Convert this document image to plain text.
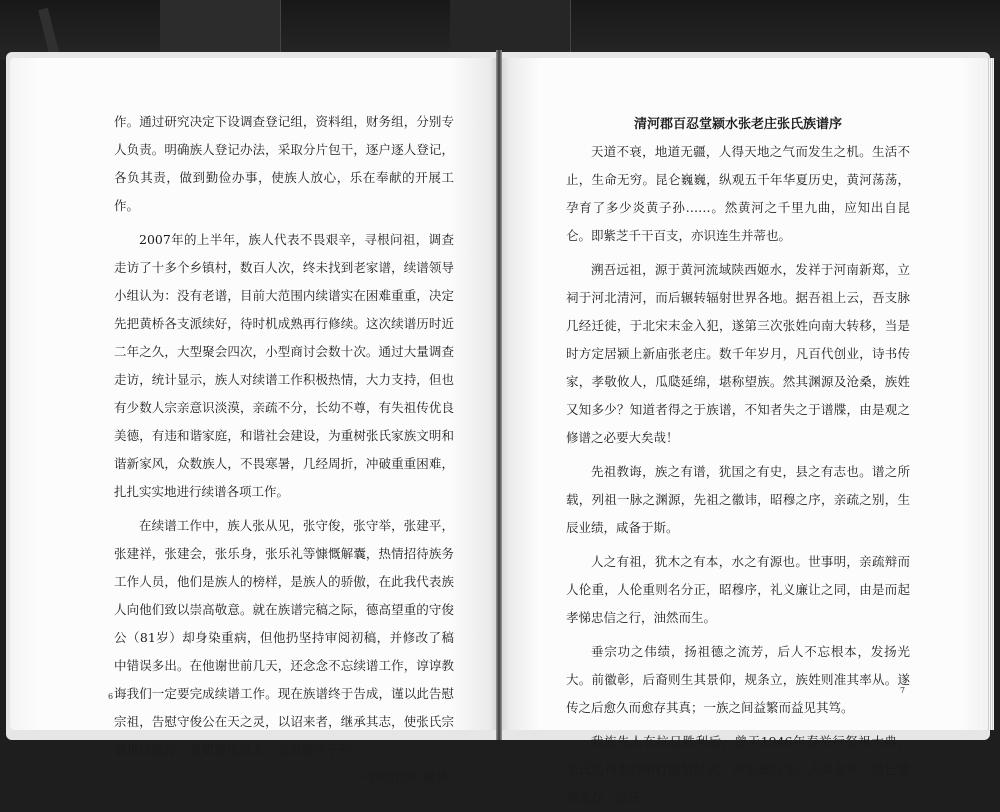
作。通过研究决定下设调查登记组，资料组，财务组，分别专人负责。明确族人登记办法，采取分片包干，逐户逐人登记，各负其责，做到勤俭办事，使族人放心，乐在奉献的开展工作。

2007年的上半年，族人代表不畏艰辛，寻根问祖，调查走访了十多个乡镇村，数百人次，终未找到老家谱，续谱领导小组认为：没有老谱，目前大范围内续谱实在困难重重，决定先把黄桥各支派续好，待时机成熟再行修续。这次续谱历时近二年之久，大型聚会四次，小型商讨会数十次。通过大量调查走访，统计显示，族人对续谱工作积极热情，大力支持，但也有少数人宗亲意识淡漠，亲疏不分，长幼不尊，有失祖传优良美德，有违和谐家庭，和谐社会建设，为重树张氏家族文明和谐新家风，众数族人，不畏寒暑，几经周折，冲破重重困难，扎扎实实地进行续谱各项工作。

在续谱工作中，族人张从见，张守俊，张守举，张建平，张建祥，张建会，张乐身，张乐礼等慷慨解囊，热情招待族务工作人员，他们是族人的榜样，是族人的骄傲，在此我代表族人向他们致以崇高敬意。就在族谱完稿之际，德高望重的守俊公（81岁）却身染重病，但他扔坚持审阅初稿，并修改了稿中错误多出。在他谢世前几天，还念念不忘续谱工作，谆谆教诲我们一定要完成续谱工作。现在族谱终于告成，谨以此告慰宗祖，告慰守俊公在天之灵，以诏来者，继承其志，使张氏宗谱世代流传。希望寄托后人，光荣属于子孙。

一四四世孙 建华

6

清河郡百忍堂颍水张老庄张氏族谱序

天道不衰，地道无疆，人得天地之气而发生之机。生活不止，生命无穷。昆仑巍巍，纵观五千年华夏历史，黄河荡荡，孕育了多少炎黄子孙……。然黄河之千里九曲，应知出自昆仑。即紫芝千干百支，亦识连生并蒂也。

溯吾远祖，源于黄河流域陕西姬水，发祥于河南新郑，立祠于河北清河，而后辗转辐射世界各地。据吾祖上云，吾支脉几经迁徙，于北宋末金入犯，遂第三次张姓向南大转移，当是时方定居颍上新庙张老庄。数千年岁月，凡百代创业，诗书传家，孝敬攸人，瓜瓞延绵，堪称望族。然其渊源及沧桑，族姓又知多少？知道者得之于族谱，不知者失之于谱牒，由是观之修谱之必要大矣哉！

先祖教诲，族之有谱，犹国之有史，县之有志也。谱之所载，列祖一脉之渊源，先祖之徽讳，昭穆之序，亲疏之别，生辰业绩，咸备于斯。

人之有祖，犹木之有本，水之有源也。世事明，亲疏辩而人伦重，人伦重则名分正，昭穆序，礼义廉让之同，由是而起孝悌忠信之行，油然而生。

垂宗功之伟绩，扬祖德之流芳，后人不忘根本，发扬光大。前徽彰，后裔则生其景仰，规条立，族姓则准其率从。遂传之后愈久而愈存其真；一族之间益繁而益见其笃。

我族先人在抗日胜利后，曾于1946年春举行祭祖大典，张氏先祠也曾举行奠基仪式。奈沧桑巨变，人事非非，谱已荡然无存，张氏

7
